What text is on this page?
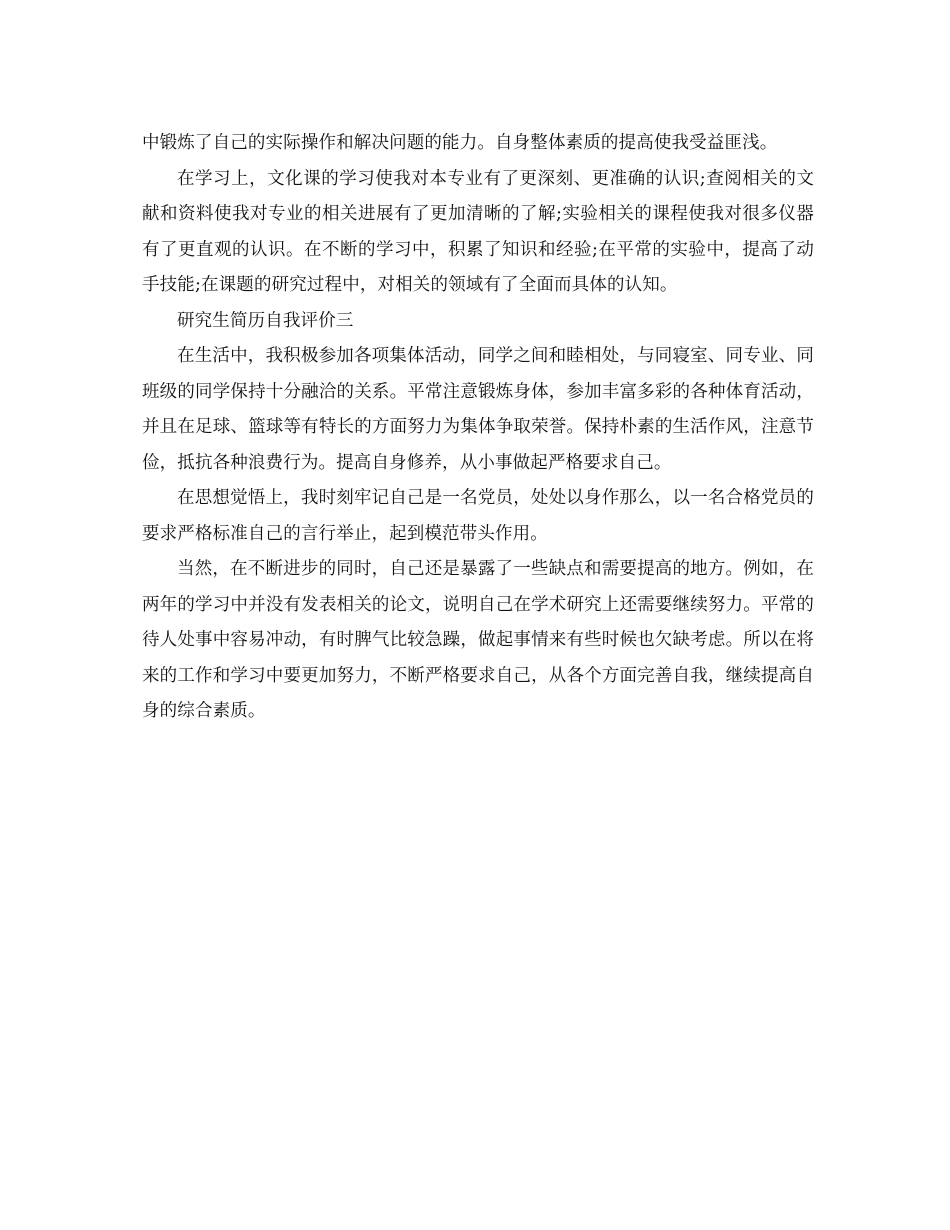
中锻炼了自己的实际操作和解决问题的能力。自身整体素质的提高使我受益匪浅。

在学习上，文化课的学习使我对本专业有了更深刻、更准确的认识;查阅相关的文献和资料使我对专业的相关进展有了更加清晰的了解;实验相关的课程使我对很多仪器有了更直观的认识。在不断的学习中，积累了知识和经验;在平常的实验中，提高了动手技能;在课题的研究过程中，对相关的领域有了全面而具体的认知。

研究生简历自我评价三

在生活中，我积极参加各项集体活动，同学之间和睦相处，与同寝室、同专业、同班级的同学保持十分融洽的关系。平常注意锻炼身体，参加丰富多彩的各种体育活动，并且在足球、篮球等有特长的方面努力为集体争取荣誉。保持朴素的生活作风，注意节俭，抵抗各种浪费行为。提高自身修养，从小事做起严格要求自己。

在思想觉悟上，我时刻牢记自己是一名党员，处处以身作那么，以一名合格党员的要求严格标准自己的言行举止，起到模范带头作用。

当然，在不断进步的同时，自己还是暴露了一些缺点和需要提高的地方。例如，在两年的学习中并没有发表相关的论文，说明自己在学术研究上还需要继续努力。平常的待人处事中容易冲动，有时脾气比较急躁，做起事情来有些时候也欠缺考虑。所以在将来的工作和学习中要更加努力，不断严格要求自己，从各个方面完善自我，继续提高自身的综合素质。
